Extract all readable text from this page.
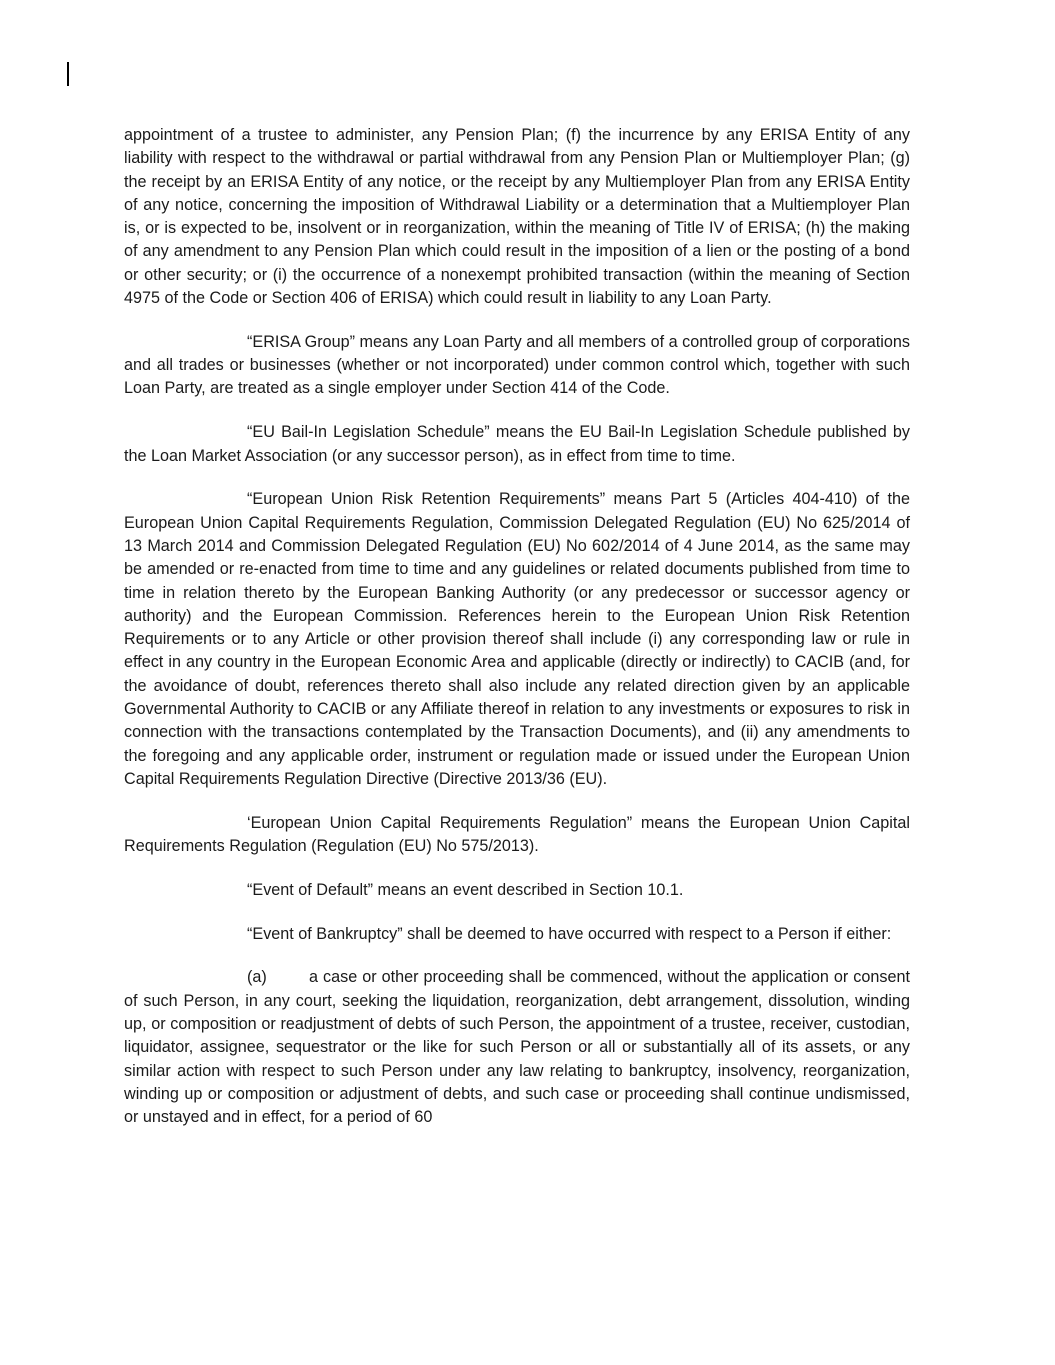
appointment of a trustee to administer, any Pension Plan; (f) the incurrence by any ERISA Entity of any liability with respect to the withdrawal or partial withdrawal from any Pension Plan or Multiemployer Plan; (g) the receipt by an ERISA Entity of any notice, or the receipt by any Multiemployer Plan from any ERISA Entity of any notice, concerning the imposition of Withdrawal Liability or a determination that a Multiemployer Plan is, or is expected to be, insolvent or in reorganization, within the meaning of Title IV of ERISA; (h) the making of any amendment to any Pension Plan which could result in the imposition of a lien or the posting of a bond or other security; or (i) the occurrence of a nonexempt prohibited transaction (within the meaning of Section 4975 of the Code or Section 406 of ERISA) which could result in liability to any Loan Party.

“ERISA Group” means any Loan Party and all members of a controlled group of corporations and all trades or businesses (whether or not incorporated) under common control which, together with such Loan Party, are treated as a single employer under Section 414 of the Code.

“EU Bail-In Legislation Schedule” means the EU Bail-In Legislation Schedule published by the Loan Market Association (or any successor person), as in effect from time to time.

“European Union Risk Retention Requirements” means Part 5 (Articles 404-410) of the European Union Capital Requirements Regulation, Commission Delegated Regulation (EU) No 625/2014 of 13 March 2014 and Commission Delegated Regulation (EU) No 602/2014 of 4 June 2014, as the same may be amended or re-enacted from time to time and any guidelines or related documents published from time to time in relation thereto by the European Banking Authority (or any predecessor or successor agency or authority) and the European Commission. References herein to the European Union Risk Retention Requirements or to any Article or other provision thereof shall include (i) any corresponding law or rule in effect in any country in the European Economic Area and applicable (directly or indirectly) to CACIB (and, for the avoidance of doubt, references thereto shall also include any related direction given by an applicable Governmental Authority to CACIB or any Affiliate thereof in relation to any investments or exposures to risk in connection with the transactions contemplated by the Transaction Documents), and (ii) any amendments to the foregoing and any applicable order, instrument or regulation made or issued under the European Union Capital Requirements Regulation Directive (Directive 2013/36 (EU).

‘European Union Capital Requirements Regulation” means the European Union Capital Requirements Regulation (Regulation (EU) No 575/2013).

“Event of Default” means an event described in Section 10.1.

“Event of Bankruptcy” shall be deemed to have occurred with respect to a Person if either:

(a)	a case or other proceeding shall be commenced, without the application or consent of such Person, in any court, seeking the liquidation, reorganization, debt arrangement, dissolution, winding up, or composition or readjustment of debts of such Person, the appointment of a trustee, receiver, custodian, liquidator, assignee, sequestrator or the like for such Person or all or substantially all of its assets, or any similar action with respect to such Person under any law relating to bankruptcy, insolvency, reorganization, winding up or composition or adjustment of debts, and such case or proceeding shall continue undismissed, or unstayed and in effect, for a period of 60
